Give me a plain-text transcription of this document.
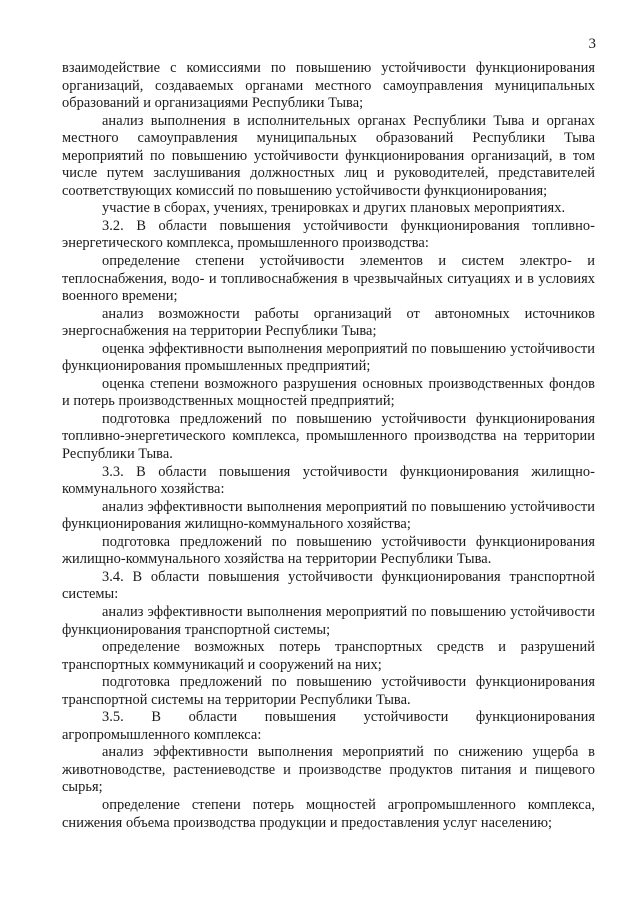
3

взаимодействие с комиссиями по повышению устойчивости функционирования организаций, создаваемых органами местного самоуправления муниципальных образований и организациями Республики Тыва;

анализ выполнения в исполнительных органах Республики Тыва и органах местного самоуправления муниципальных образований Республики Тыва мероприятий по повышению устойчивости функционирования организаций, в том числе путем заслушивания должностных лиц и руководителей, представителей соответствующих комиссий по повышению устойчивости функционирования;

участие в сборах, учениях, тренировках и других плановых мероприятиях.

3.2. В области повышения устойчивости функционирования топливно-энергетического комплекса, промышленного производства:

определение степени устойчивости элементов и систем электро- и теплоснабжения, водо- и топливоснабжения в чрезвычайных ситуациях и в условиях военного времени;

анализ возможности работы организаций от автономных источников энергоснабжения на территории Республики Тыва;

оценка эффективности выполнения мероприятий по повышению устойчивости функционирования промышленных предприятий;

оценка степени возможного разрушения основных производственных фондов и потерь производственных мощностей предприятий;

подготовка предложений по повышению устойчивости функционирования топливно-энергетического комплекса, промышленного производства на территории Республики Тыва.

3.3. В области повышения устойчивости функционирования жилищно-коммунального хозяйства:

анализ эффективности выполнения мероприятий по повышению устойчивости функционирования жилищно-коммунального хозяйства;

подготовка предложений по повышению устойчивости функционирования жилищно-коммунального хозяйства на территории Республики Тыва.

3.4. В области повышения устойчивости функционирования транспортной системы:

анализ эффективности выполнения мероприятий по повышению устойчивости функционирования транспортной системы;

определение возможных потерь транспортных средств и разрушений транспортных коммуникаций и сооружений на них;

подготовка предложений по повышению устойчивости функционирования транспортной системы на территории Республики Тыва.

3.5. В области повышения устойчивости функционирования агропромышленного комплекса:

анализ эффективности выполнения мероприятий по снижению ущерба в животноводстве, растениеводстве и производстве продуктов питания и пищевого сырья;

определение степени потерь мощностей агропромышленного комплекса, снижения объема производства продукции и предоставления услуг населению;
